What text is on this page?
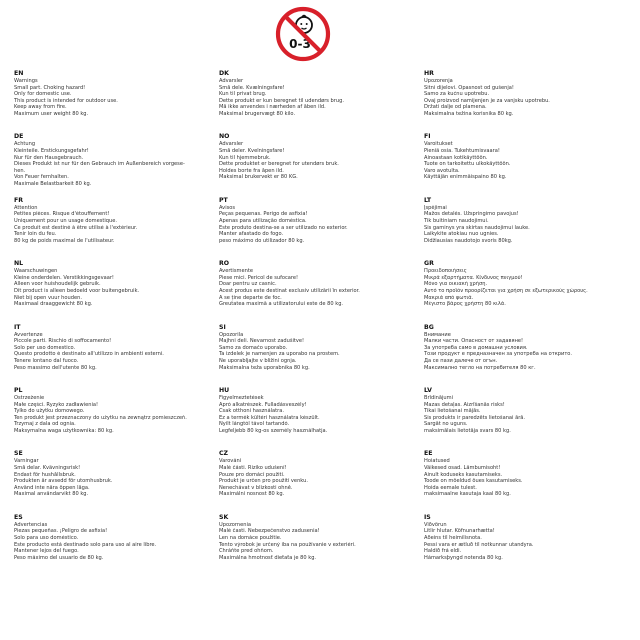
0-3
EN
Warnings
Small part. Choking hazard!
Only for domestic use.
This product is intended for outdoor use.
Keep away from fire.
Maximum user weight 80 kg.
DE
Achtung
Kleinteile. Erstickungsgefahr!
Nur für den Hausgebrauch.
Dieses Produkt ist nur für den Gebrauch im Außenbereich vorgese-
hen.
Von Feuer fernhalten.
Maximale Belastbarkeit 80 kg.
FR
Attention
Petites pièces. Risque d'étouffement!
Uniquement pour un usage domestique.
Ce produit est destiné à être utilisé à l'extérieur.
Tenir loin du feu.
80 kg de poids maximal de l'utilisateur.
NL
Waarschuwingen
Kleine onderdelen. Verstikkingsgevaar!
Alleen voor huishoudelijk gebruik.
Dit product is alleen bedoeld voor buitengebruik.
Niet bij open vuur houden.
Maximaal draaggewicht 80 kg.
IT
Avvertenze
Piccole parti. Rischio di soffocamento!
Solo per uso domestico.
Questo prodotto è destinato all'utilizzo in ambienti esterni.
Tenere lontano dal fuoco.
Peso massimo dell'utente 80 kg.
PL
Ostrzeżenie
Małe części. Ryzyko zadławienia!
Tylko do użytku domowego.
Ten produkt jest przeznaczony do użytku na zewnątrz pomieszczeń.
Trzymaj z dala od ognia.
Maksymalna waga użytkownika: 80 kg.
SE
Varningar
Små delar. Kvävningsrisk!
Endast för hushållsbruk.
Produkten är avsedd för utomhusbruk.
Använd inte nära öppen låga.
Maximal användarvikt 80 kg.
ES
Advertencias
Piezas pequeñas. ¡Peligro de asfixia!
Solo para uso doméstico.
Este producto está destinado solo para uso al aire libre.
Mantener lejos del fuego.
Peso máximo del usuario de 80 kg.
DK
Advarsler
Små dele. Kvælningsfare!
Kun til privat brug.
Dette produkt er kun beregnet til udendørs brug.
Må ikke anvendes i nærheden af åben ild.
Maksimal brugervægt 80 kilo.
NO
Advarsler
Små deler. Kvelningsfare!
Kun til hjemmebruk.
Dette produktet er beregnet for utendørs bruk.
Holdes borte fra åpen ild.
Maksimal brukervekt er 80 KG.
PT
Avisos
Peças pequenas. Perigo de asfixia!
Apenas para utilização doméstica.
Este produto destina-se a ser utilizado no exterior.
Manter afastado do fogo.
peso máximo do utilizador 80 kg.
RO
Avertismente
Piese mici. Pericol de sufocare!
Doar pentru uz casnic.
Acest produs este destinat exclusiv utilizării în exterior.
A se ține departe de foc.
Greutatea maximă a utilizatorului este de 80 kg.
SI
Opozorila
Majhni deli. Nevarnost zadušitve!
Samo za domačo uporabo.
Ta izdelek je namenjen za uporabo na prostem.
Ne uporabljajte v bližini ognja.
Maksimalna teža uporabnika 80 kg.
HU
Figyelmeztetések
Apró alkatrészek. Fulladásveszély!
Csak otthoni használatra.
Ez a termék kültéri használatra készült.
Nyílt lángtól távol tartandó.
Legfeljebb 80 kg-os személy használhatja.
CZ
Varování
Malé části. Riziko udušení!
Pouze pro domácí použití.
Produkt je určen pro použití venku.
Nenechávat v blízkosti ohně.
Maximální nosnost 80 kg.
SK
Upozornenia
Malé časti. Nebezpečenstvo zadusenia!
Len na domáce použitie.
Tento výrobok je určený iba na používanie v exteriéri.
Chráňte pred ohňom.
Maximálna hmotnosť dieťaťa je 80 kg.
HR
Upozorenja
Sitni dijelovi. Opasnost od gušenja!
Samo za kućnu upotrebu.
Ovaj proizvod namijenjen je za vanjsku upotrebu.
Držati dalje od plamena.
Maksimalna težina korisnika 80 kg.
FI
Varoitukset
Pieniä osia. Tukehtumisvaara!
Ainoastaan kotikäyttöön.
Tuote on tarkoitettu ulkokäyttöön.
Varo avotulta.
Käyttäjän enimmäispaino 80 kg.
LT
Įspėjimai
Mažos detalės. Užspringimo pavojus!
Tik buitiniam naudojimui.
Šis gaminys yra skirtas naudojimui lauke.
Laikykite atokiau nuo ugnies.
Didžiausias naudotojo svoris 80kg.
GR
Προειδοποιήσεις
Μικρά εξαρτήματα. Κίνδυνος πνιγμού!
Μόνο για οικιακή χρήση.
Αυτό το προϊόν προορίζεται για χρήση σε εξωτερικούς χώρους.
Μακριά από φωτιά.
Μέγιστο βάρος χρήστη 80 κιλά.
BG
Внимание
Малки части. Опасност от задавяне!
За употреба само в домашни условия.
Този продукт е предназначен за употреба на открито.
Да се пази далече от огън.
Максимално тегло на потребителя 80 кг.
LV
Brīdinājumi
Mazas detaļas. Aizrīšanās risks!
Tikai lietošanai mājās.
Šis produkts ir paredzēts lietošanai ārā.
Sargāt no uguns.
maksimālais lietotāja svars 80 kg.
EE
Hoiatused
Väikesed osad. Lämbumisoht!
Ainult koduseks kasutamiseks.
Toode on mõeldud õues kasutamiseks.
Hoida eemale tulest.
maksimaalne kasutaja kaal 80 kg.
IS
Viðvörun
Litlir hlutar. Köfnunarhætta!
Aðeins til heimilisnota.
Þessi vara er ætluð til notkunnar utandyra.
Haldið frá eldi.
Hámarksþyngd notenda 80 kg.
